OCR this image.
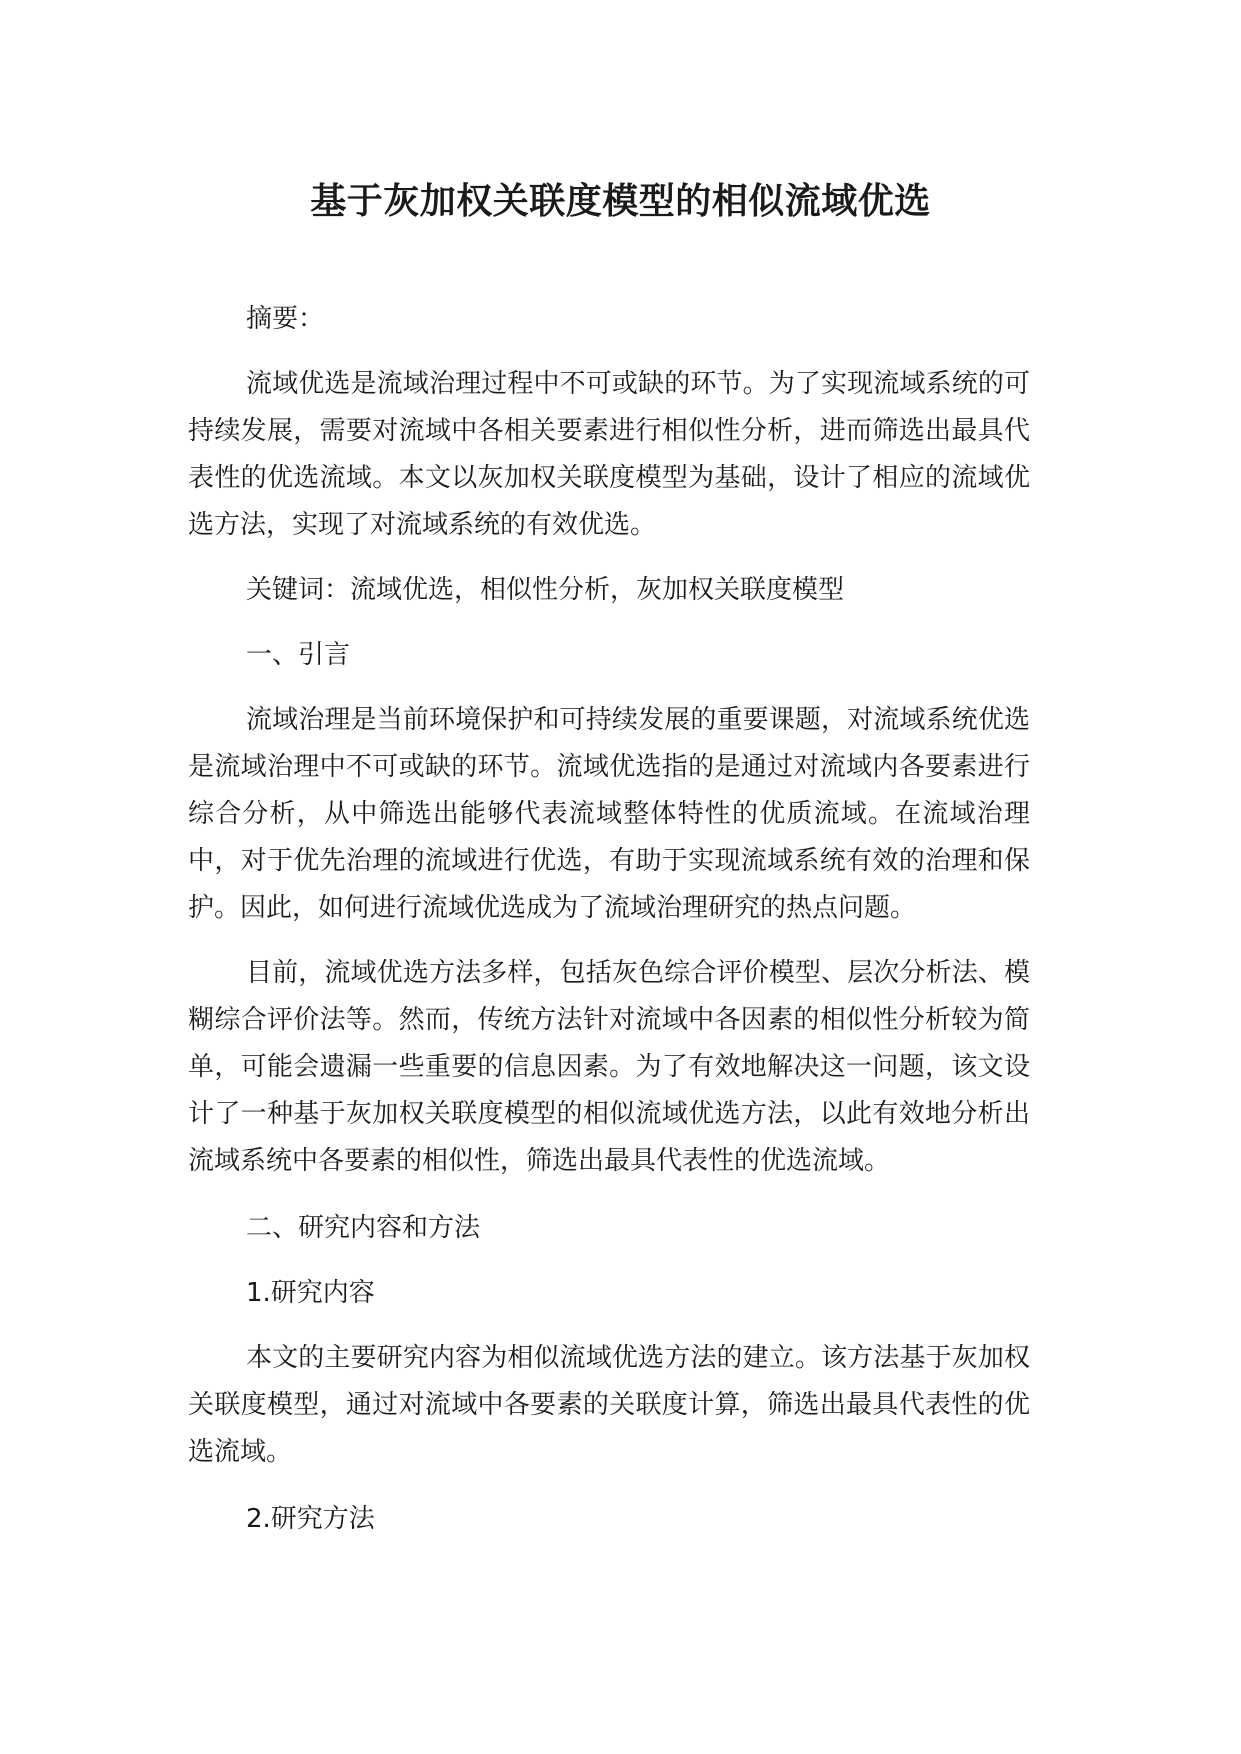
基于灰加权关联度模型的相似流域优选

摘要：

流域优选是流域治理过程中不可或缺的环节。为了实现流域系统的可持续发展，需要对流域中各相关要素进行相似性分析，进而筛选出最具代表性的优选流域。本文以灰加权关联度模型为基础，设计了相应的流域优选方法，实现了对流域系统的有效优选。

关键词：流域优选，相似性分析，灰加权关联度模型

一、引言

流域治理是当前环境保护和可持续发展的重要课题，对流域系统优选是流域治理中不可或缺的环节。流域优选指的是通过对流域内各要素进行综合分析，从中筛选出能够代表流域整体特性的优质流域。在流域治理中，对于优先治理的流域进行优选，有助于实现流域系统有效的治理和保护。因此，如何进行流域优选成为了流域治理研究的热点问题。

目前，流域优选方法多样，包括灰色综合评价模型、层次分析法、模糊综合评价法等。然而，传统方法针对流域中各因素的相似性分析较为简单，可能会遗漏一些重要的信息因素。为了有效地解决这一问题，该文设计了一种基于灰加权关联度模型的相似流域优选方法，以此有效地分析出流域系统中各要素的相似性，筛选出最具代表性的优选流域。

二、研究内容和方法

1.研究内容

本文的主要研究内容为相似流域优选方法的建立。该方法基于灰加权关联度模型，通过对流域中各要素的关联度计算，筛选出最具代表性的优选流域。

2.研究方法
